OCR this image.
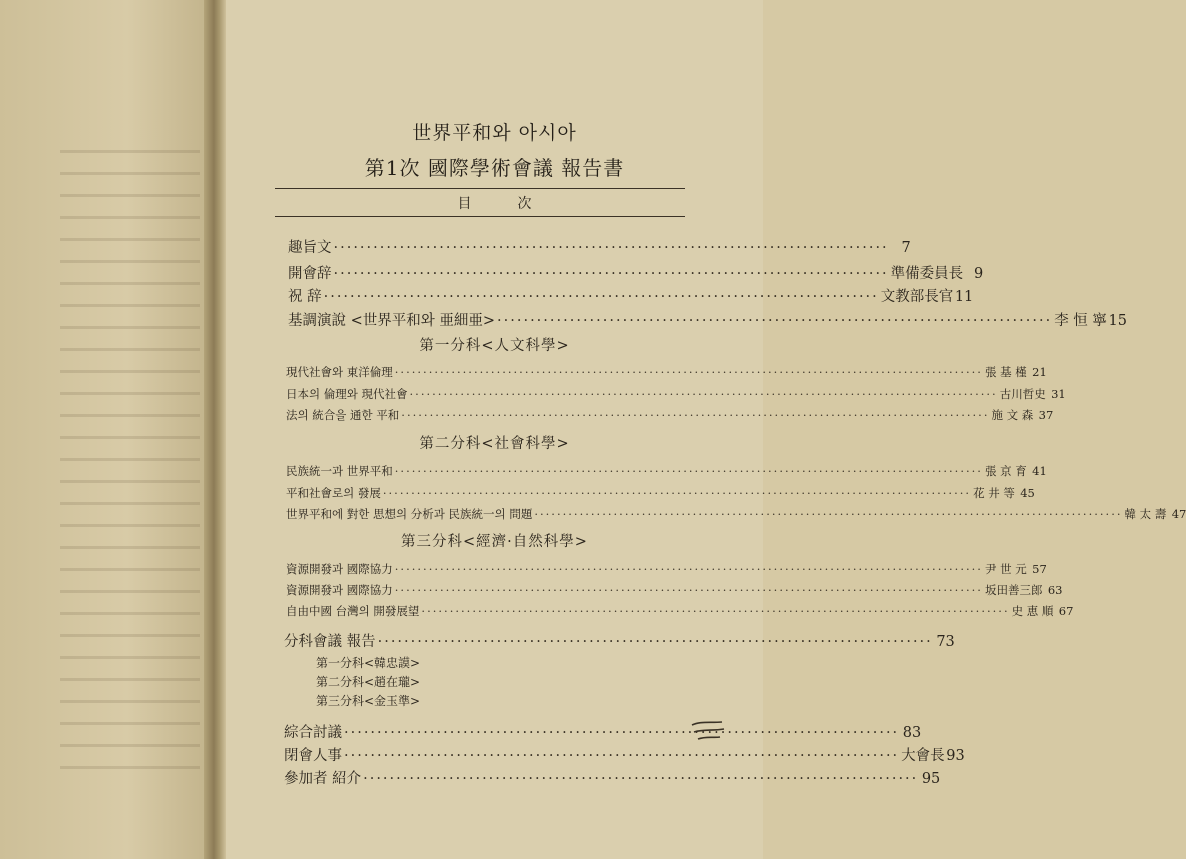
世界平和와 아시아
第1次 國際學術會議 報告書
目次
趣旨文 ···················································································· 7
開會辞 ···················································································· 準備委員長 9
祝 辞 ···················································································· 文教部長官 11
基調演說 <世界平和와 亜細亜> ···················································································· 李 恒 寧 15
第一分科<人文科學>
現代社會와 東洋倫理 ········································································································ 張 基 槿 21
日本의 倫理와 現代社會 ········································································································ 古川哲史 31
法의 統合을 通한 平和 ········································································································ 施 文 森 37
第二分科<社會科學>
民族統一과 世界平和 ········································································································ 張 京 育 41
平和社會로의 發展 ········································································································ 花 井 等 45
世界平和에 對한 思想의 分析과 民族統一의 問題 ········································································································ 韓 太 壽 47
第三分科<經濟·自然科學>
資源開發과 國際協力 ········································································································ 尹 世 元 57
資源開發과 國際協力 ········································································································ 坂田善三郎 63
自由中國 台灣의 開發展望 ········································································································ 史 恵 順 67
分科會議 報告 ···················································································· 73
第一分科<韓忠謨>
第二分科<趙在瓏>
第三分科<金玉準>
綜合討議 ···················································································· 83
閉會人事 ···················································································· 大會長 93
參加者 紹介 ···················································································· 95
